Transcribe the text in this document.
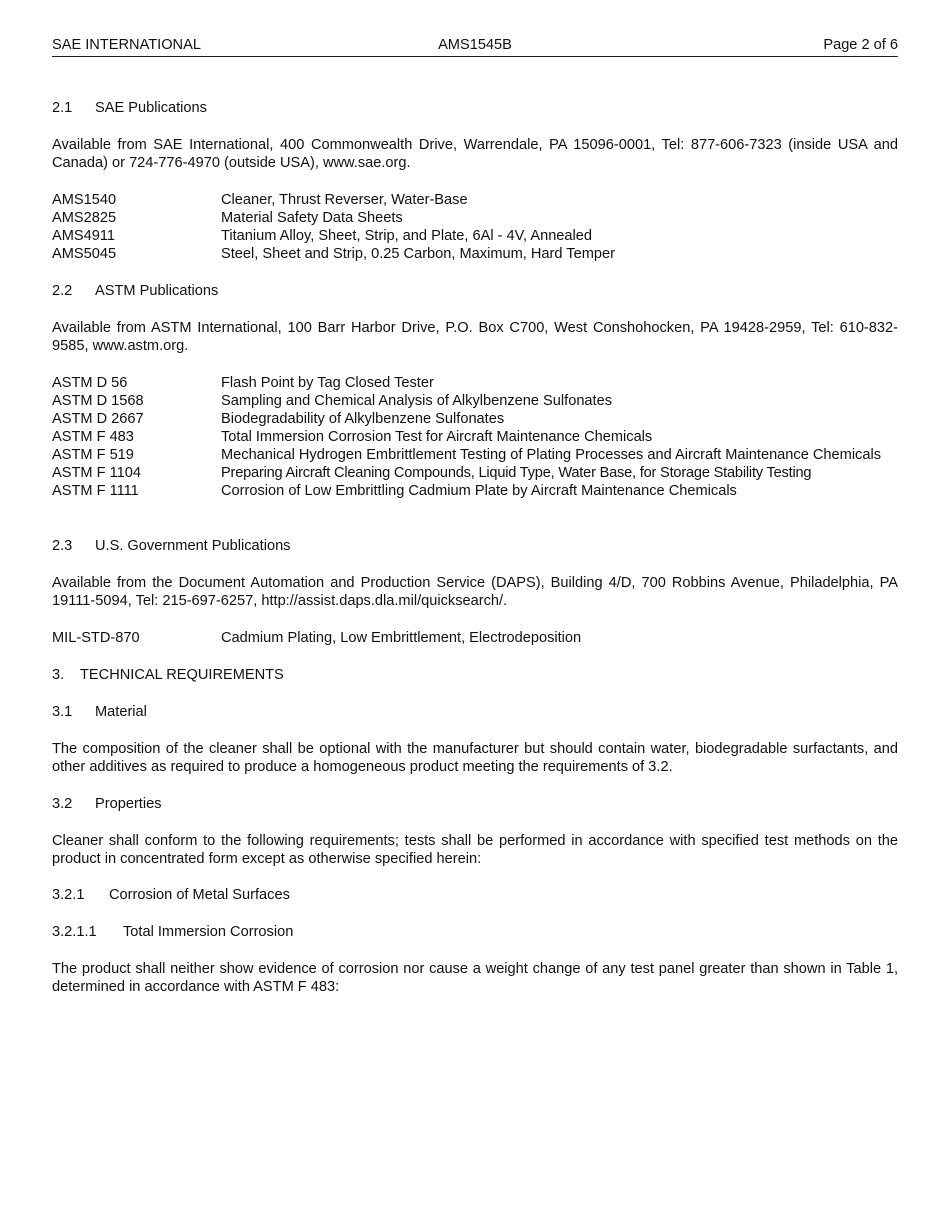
SAE INTERNATIONAL	AMS1545B	Page 2 of 6
2.1 SAE Publications
Available from SAE International, 400 Commonwealth Drive, Warrendale, PA 15096-0001, Tel: 877-606-7323 (inside USA and Canada) or 724-776-4970 (outside USA), www.sae.org.
AMS1540	Cleaner, Thrust Reverser, Water-Base
AMS2825	Material Safety Data Sheets
AMS4911	Titanium Alloy, Sheet, Strip, and Plate, 6Al - 4V, Annealed
AMS5045	Steel, Sheet and Strip, 0.25 Carbon, Maximum, Hard Temper
2.2 ASTM Publications
Available from ASTM International, 100 Barr Harbor Drive, P.O. Box C700, West Conshohocken, PA 19428-2959, Tel: 610-832-9585, www.astm.org.
ASTM D 56	Flash Point by Tag Closed Tester
ASTM D 1568	Sampling and Chemical Analysis of Alkylbenzene Sulfonates
ASTM D 2667	Biodegradability of Alkylbenzene Sulfonates
ASTM F 483	Total Immersion Corrosion Test for Aircraft Maintenance Chemicals
ASTM F 519	Mechanical Hydrogen Embrittlement Testing of Plating Processes and Aircraft Maintenance Chemicals
ASTM F 1104	Preparing Aircraft Cleaning Compounds, Liquid Type, Water Base, for Storage Stability Testing
ASTM F 1111	Corrosion of Low Embrittling Cadmium Plate by Aircraft Maintenance Chemicals
2.3 U.S. Government Publications
Available from the Document Automation and Production Service (DAPS), Building 4/D, 700 Robbins Avenue, Philadelphia, PA 19111-5094, Tel: 215-697-6257, http://assist.daps.dla.mil/quicksearch/.
MIL-STD-870	Cadmium Plating, Low Embrittlement, Electrodeposition
3. TECHNICAL REQUIREMENTS
3.1 Material
The composition of the cleaner shall be optional with the manufacturer but should contain water, biodegradable surfactants, and other additives as required to produce a homogeneous product meeting the requirements of 3.2.
3.2 Properties
Cleaner shall conform to the following requirements; tests shall be performed in accordance with specified test methods on the product in concentrated form except as otherwise specified herein:
3.2.1 Corrosion of Metal Surfaces
3.2.1.1 Total Immersion Corrosion
The product shall neither show evidence of corrosion nor cause a weight change of any test panel greater than shown in Table 1, determined in accordance with ASTM F 483:
